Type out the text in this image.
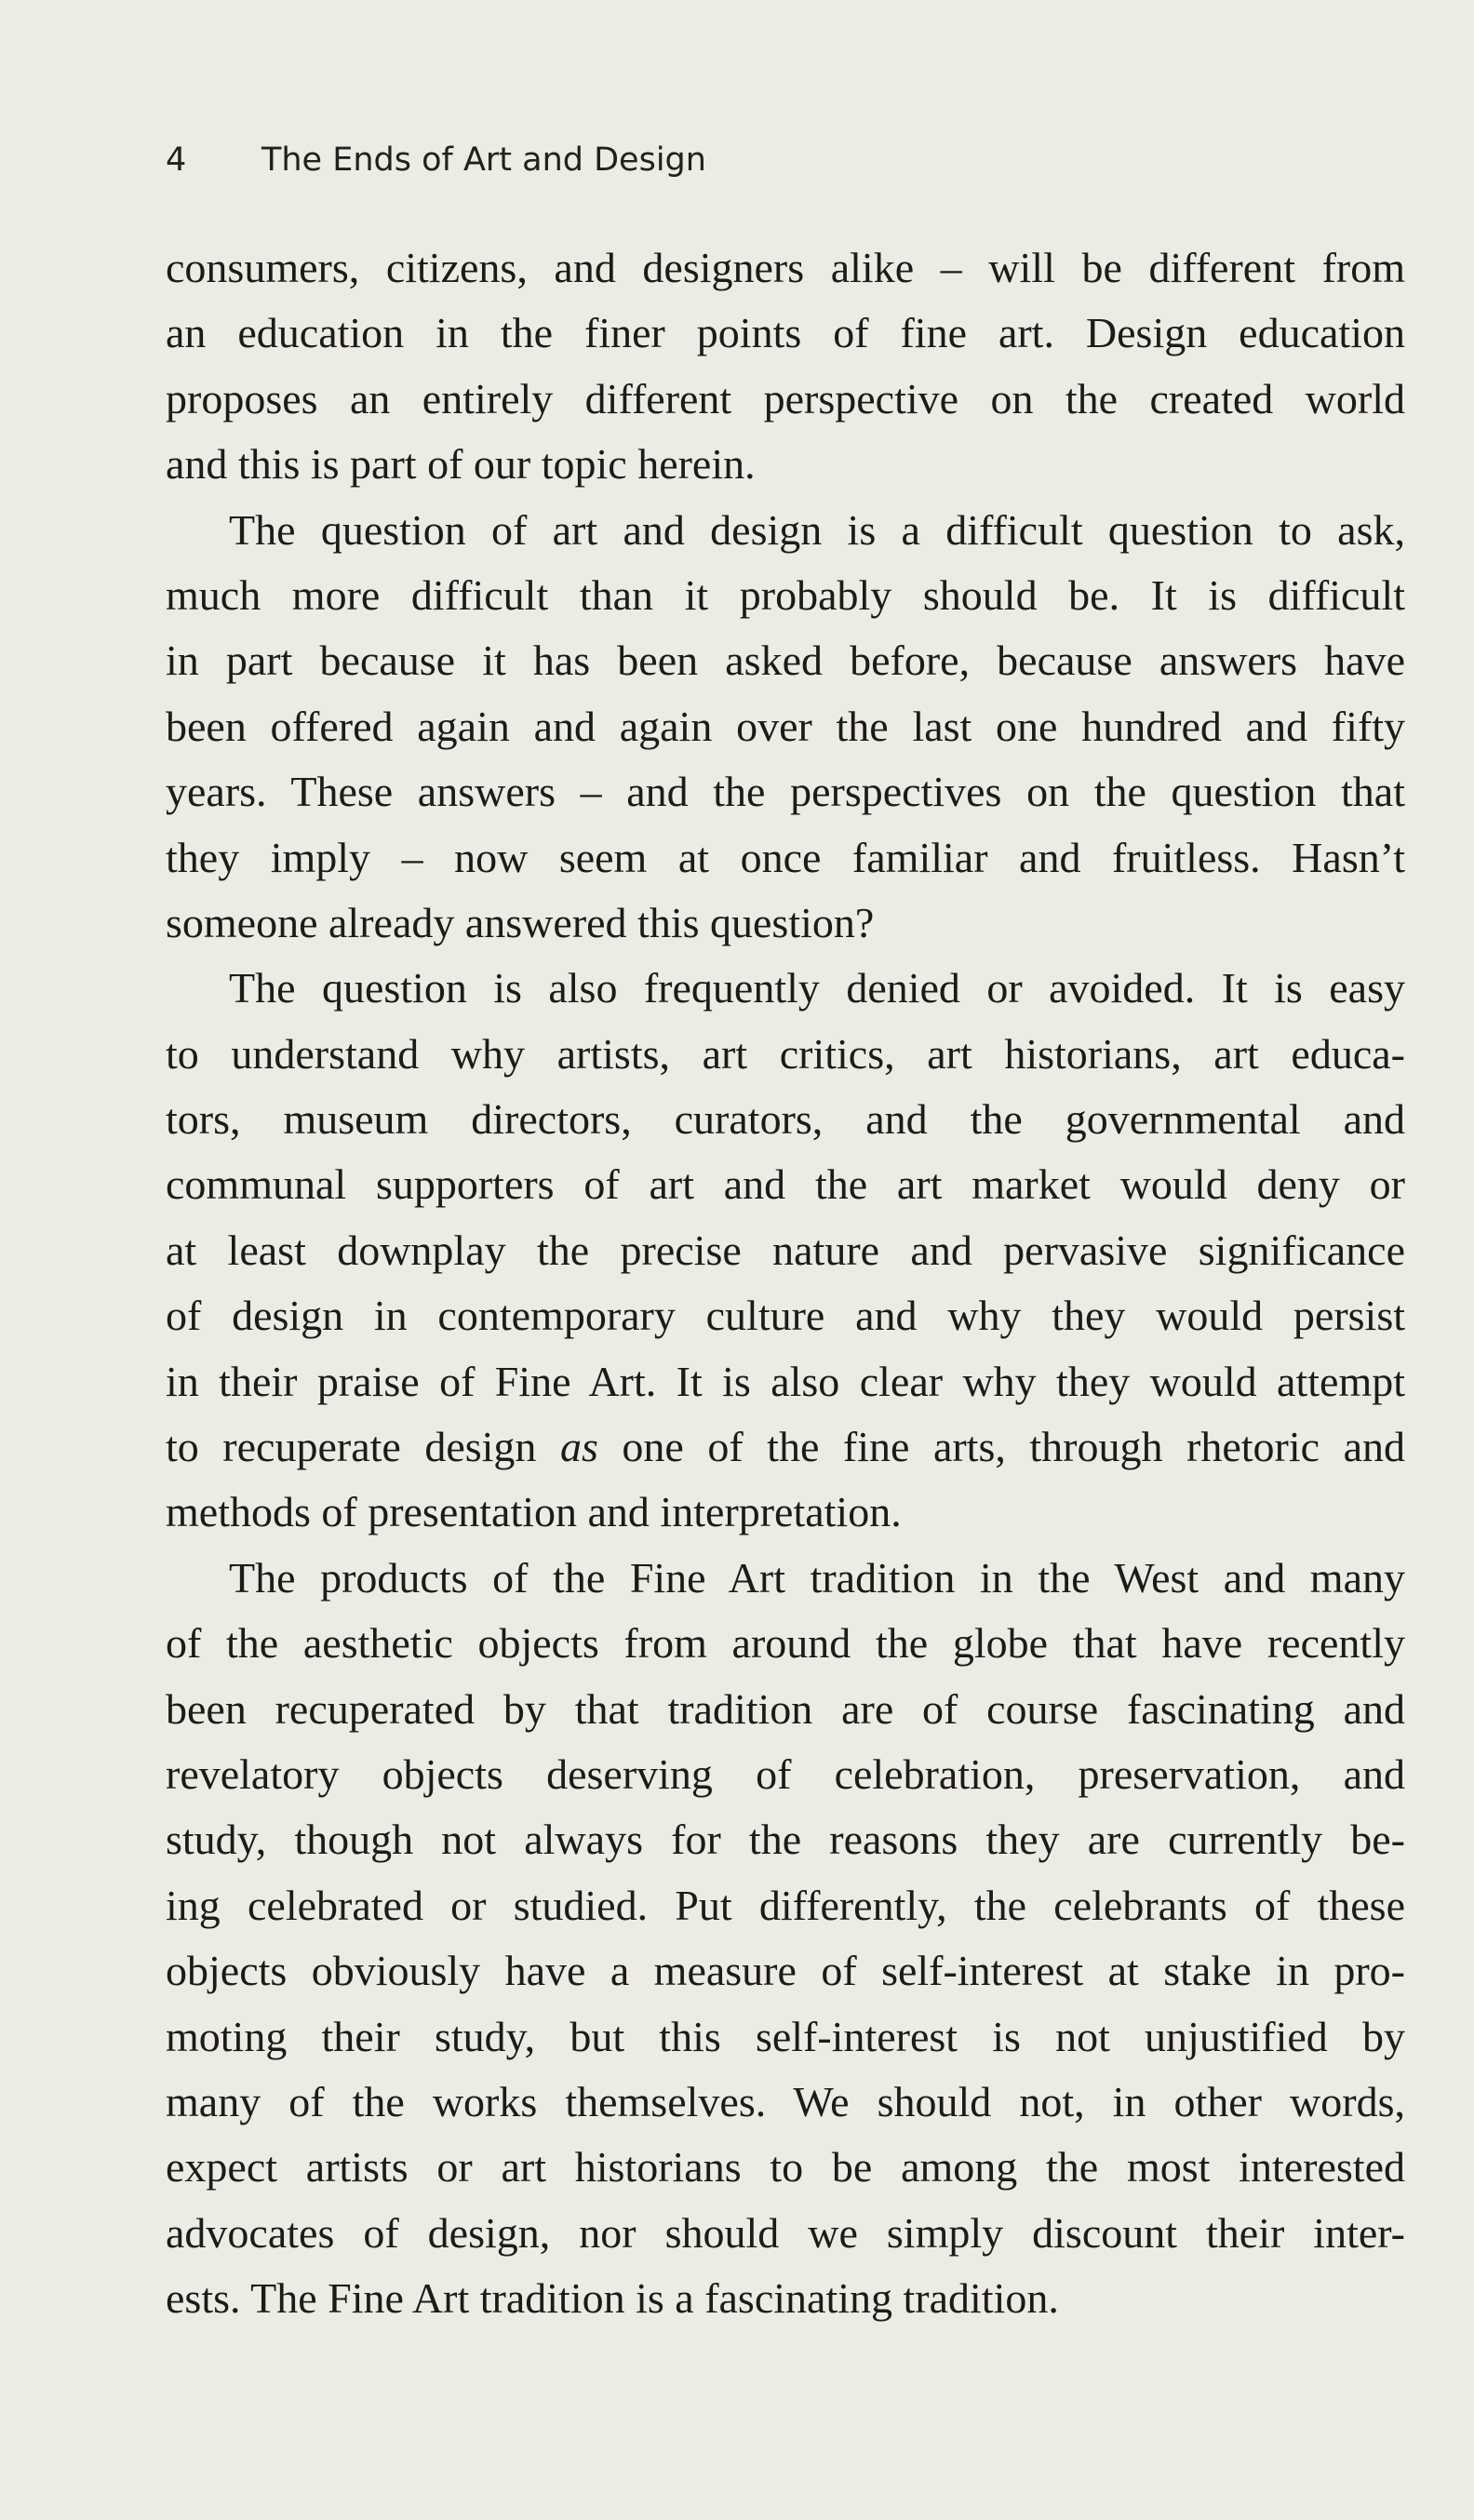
4	The Ends of Art and Design
consumers, citizens, and designers alike – will be different from
an education in the finer points of fine art. Design education
proposes an entirely different perspective on the created world
and this is part of our topic herein.
The question of art and design is a difficult question to ask,
much more difficult than it probably should be. It is difficult
in part because it has been asked before, because answers have
been offered again and again over the last one hundred and fifty
years. These answers – and the perspectives on the question that
they imply – now seem at once familiar and fruitless. Hasn’t
someone already answered this question?
The question is also frequently denied or avoided. It is easy
to understand why artists, art critics, art historians, art educa-
tors, museum directors, curators, and the governmental and
communal supporters of art and the art market would deny or
at least downplay the precise nature and pervasive significance
of design in contemporary culture and why they would persist
in their praise of Fine Art. It is also clear why they would attempt
to recuperate design as one of the fine arts, through rhetoric and
methods of presentation and interpretation.
The products of the Fine Art tradition in the West and many
of the aesthetic objects from around the globe that have recently
been recuperated by that tradition are of course fascinating and
revelatory objects deserving of celebration, preservation, and
study, though not always for the reasons they are currently be-
ing celebrated or studied. Put differently, the celebrants of these
objects obviously have a measure of self-interest at stake in pro-
moting their study, but this self-interest is not unjustified by
many of the works themselves. We should not, in other words,
expect artists or art historians to be among the most interested
advocates of design, nor should we simply discount their inter-
ests. The Fine Art tradition is a fascinating tradition.
